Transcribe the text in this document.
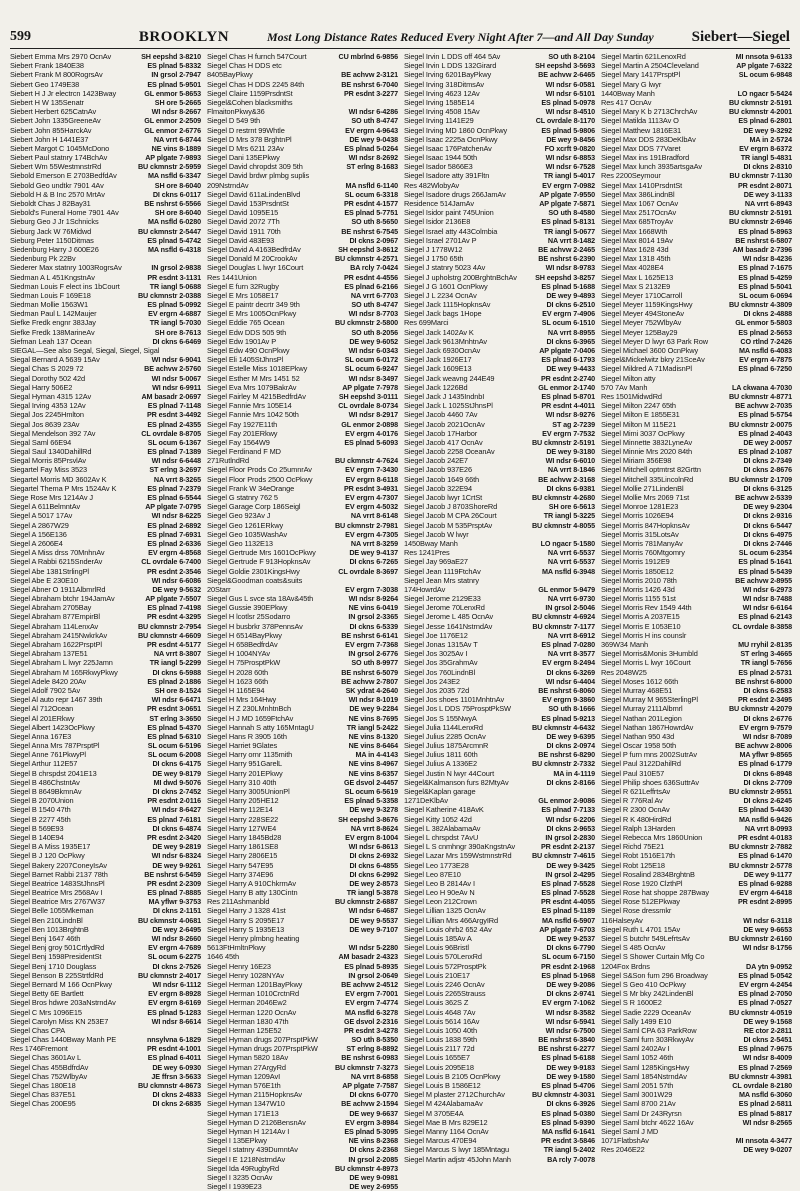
599	BROOKLYN	Most Long Distance Rates Reduced Every Night After 7—and All Day Sunday	Siebert—Siegel
Siebert Emma Mrs 2970 OcnAv	SH eepshd 3-8210
Siebert Frank 1840E38	ES plnad 5-8332
Siebert Frank M 800RogrsAv	IN grsol 2-7947
Siebert Geo 1749E38	ES plnad 5-9501
Siebert H J Jr electrcn 1423Bway	GL enmor 5-8653
Siebert H W 135Senatr	SH ore 5-2665
Siebert Herbert 625CatnAv	WI ndsr 8-2667
Siebert John 1335GreeneAv	GL enmor 2-2509
Siebert John 855HarckAv	GL enmor 2-6776
Siebert John H 1441E37	NA vrrt 6-8744
Siebert Margot C 1045McDono	NE vins 8-1889
Siebert Paul statnry 174BchAv	AP plgate 7-9893
Siebert Wm 55WestmnstrRd	BU ckmnstr 2-5959
Siebold Emerson E 2703BedfdAv	MA nsfld 6-3347
Siebold Geo undtkr 7901 4Av	SH ore 8-6040
Siebold H & B Inc 2570 MrtAv	DI ckns 6-0117
Sieboldt Chas J 82Bay31	BE nshrst 6-5566
Siebold's Funeral Home 7901 4Av	SH ore 8-6040
Sieburg Geo J Jr 1Schnicks	MA nsfld 6-0280
Sieburg Jack W 76Midwd	BU ckmnstr 2-5447
Sieburg Peter 1150Ditmas	ES plnad 5-4742
Siedenburg Harry J 600E26	MA nsfld 6-4318
Siedenburg Pk 22Bv
Siederer Max statnry 1003RogrsAv	IN grsol 2-9838
Siedman A L 451KngstnAv	PR esdnt 3-1131
Siedman Louis F elect ins 1bCourt	TR iangl 5-0688
Siedman Louis F 169E18	BU ckmnstr 2-0388
Siedman Mollie 1563W1	ES plnad 5-0992
Siedman Paul L 142Maujer	EV ergrn 4-6887
Siefke Fredk engnr 383Jay	TR iangl 5-7030
Siefke Fredk 138MarineAv	SH ore 8-7613
Siefman Leah 137 Ocean	DI ckns 6-6469
SIEGAL—See also Segal, Siegal, Siegel, Sigal
Siegal Bernard A 5639 15Av	WI ndsr 6-9041
Siegal Chas S 2029 72	BE achvw 2-5760
Siegal Dorothy 502 42d	WI ndsr 5-0067
Siegal Harry 506E2	WI ndsr 6-9911
Siegal Hyman 4315 12Av	AM basadr 2-0697
Siegal Irving 4353 12Av	ES plnad 7-1148
Siegal Jos 2245Hmlton	PR esdnt 3-4492
Siegal Jos 8639 23Av	ES plnad 2-4355
Siegal Mendelson 392 7Av	CL ovrdale 8-8705
Siegal Saml 66E94	SL ocum 6-1367
Siegal Saul 1340DahillRd	ES plnad 7-1389
Siegal Morris 85PrsvlAv	WI ndsr 6-6448
Siegartel Fay Miss 3523	ST erlng 3-2697
Siegartel Morris MD 3602Av K	NA vrrt 8-3265
Siegartel Thema P Mrs 1524Av K	ES plnad 7-2379
Siege Rose Mrs 1214Av J	ES plnad 6-5544
Siegel A 611BelmntAv	AP plgate 7-0795
Siegel A 5017 17Av	WI ndsr 8-6225
Siegel A 2867W29	ES plnad 2-6892
Siegel A 156E136	ES plnad 7-6931
Siegel A 2606E4	ES plnad 2-6336
Siegel A Miss drss 70MnhnAv	EV ergrn 4-8568
Siegel A Rabbi 6215SnderAv	CL ovrdale 6-7400
Siegel Abe 1381StrlingPl	PR esdnt 2-3546
Siegel Abe E 230E10	WI ndsr 6-6086
Siegel Abner O 1911AlbmrlRd	DE wey 9-5632
Siegel Abraham btchr 194JamAv	AP plgate 7-5507
Siegel Abraham 2705Bay	ES plnad 7-4198
Siegel Abraham 877EmpirBl	PR esdnt 4-3295
Siegel Abraham 114LenxAv	BU ckmnstr 2-7954
Siegel Abraham 2415NwkrkAv	BU ckmnstr 4-6609
Siegel Abraham 1622PrsptPl	PR esdnt 4-5177
Siegel Abraham 137E51	NA vrrt 8-3807
Siegel Abraham L lwyr 225Jamn	TR iangl 5-2299
Siegel Abraham M 165RkwyPkwy	DI ckns 6-5988
Siegel Adele 8420 20Av	ES plnad 2-1886
Siegel Adolf 7902 5Av	SH ore 8-1524
Siegel Al auto repr 1467 39th	WI ndsr 6-6471
Siegel Al 712Ocean	PR esdnt 3-0651
Siegel Al 201ERkwy	ST erlng 3-3650
Siegel Albert 1423OcPkwy	ES plnad 5-4370
Siegel Anna 167E3	ES plnad 5-6310
Siegel Anna Mrs 787PrsptPl	SL ocum 6-5196
Siegel Anne 761PkwyPl	SL ocum 6-2008
Siegel Arthur 112E57	DI ckns 6-4175
Siegel B chrspdst 2041E13	DE wey 9-8179
Siegel B 486ChstntAv	MI dwd 9-5076
Siegel B 8649BkmnAv	DI ckns 2-7452
Siegel B 2070Union	PR esdnt 2-0116
Siegel B 1540 47th	WI ndsr 8-6427
Siegel B 2277 45th	ES plnad 7-6181
Siegel B 569E93	DI ckns 6-4874
Siegel B 140E94	PR esdnt 2-3420
Siegel B A Miss 1935E17	DE wey 9-2819
Siegel B J 120 OcPkwy	WI ndsr 6-8324
Siegel Bakery 2207ConeyIsAv	DE wey 9-9261
Siegel Barnet Rabbi 2137 78th	BE nshrst 6-5459
Siegel Beatrice 1483StJhnsPl	PR esdnt 2-2309
Siegel Beatrice Mrs 2568Av I	ES plnad 7-8885
Siegel Beatrice Mrs 2767W37	MA yflwr 9-3753
Siegel Belle 1055Mkeman	DI ckns 2-1151
Siegel Ben 210LindnBl	BU ckmnstr 4-0681
Siegel Ben 1013BrghtnB	DE wey 2-6495
Siegel Benj 1647 46th	WI ndsr 8-2660
Siegel Benj groy 501CrtlydRd	EV ergrn 4-7689
Siegel Benj 1598PresidentSt	SL ocum 6-2275
Siegel Benj 1710 Douglass	DI ckns 2-7526
Siegel Benson B 225StrtfdRd	BU ckmnstr 2-4017
Siegel Bernard M 166 OcnPkwy	WI ndsr 6-1112
Siegel Betty 6E Bartlett	EV ergrn 8-8928
Siegel Bros hdwre 203aNstrndAv	EV ergrn 8-6169
Siegel C Mrs 1096E15	ES plnad 5-1283
Siegel Carolyn Miss KN 253E7	WI ndsr 8-6614
Siegel Chas CPA
Siegel Chas 1440Bway Manh PE	nnsylvna 6-1829
Res 1746Fremont	PR esdnt 4-1001
Siegel Chas 3601Av L	ES plnad 6-4011
Siegel Chas 455BdfrdAv	DE wey 6-0930
Siegel Chas 752WlbyAv	JE ffrsn 3-5633
Siegel Chas 180E18	BU ckmnstr 4-8673
Siegel Chas 837E51	DI ckns 2-4833
Siegel Chas 200E95	DI ckns 2-6835
Siegel Chas H furnch 547Court	CU mbrlnd 6-9856
Siegel Chas H DDS etc
8405BayPkwy	BE achvw 2-3121
Siegel Chas H DDS 2245 84th	BE nshrst 6-7040
Siegel Claire 1159PrsdntSt	PR esdnt 3-2277
Siegel&Cohen blacksmiths
FlmaitonPkwy&36	WI ndsr 6-4286
Siegel D 549 9th	SO uth 8-4747
Siegel D restrnt 99Whtle	EV ergrn 4-9643
Siegel D Mrs 378 BrghtnPl	DE wey 9-0438
Siegel D Mrs 6211 23Av	ES plnad 5-0264
Siegel Dani 135EPkwy	WI ndsr 8-2692
Siegel David chropdst 309 5th	ST erlng 8-1683
Siegel David brdwr plmbg suplis
209NstrndAv	MA nsfld 6-1140
Siegel David 611aLindenBlvd	SL ocum 6-3318
Siegel David 153PrsdntSt	PR esdnt 4-1577
Siegel David 1095E15	ES plnad 5-7751
Siegel David 2072 7Th	SO uth 8-5650
Siegel David 1911 70th	BE nshrst 6-7545
Siegel David 483E93	DI ckns 2-0967
Siegel David A 4163BedfrdAv	SH eepshd 3-8612
Siegel Donald M 20CrookAv	BU ckmnstr 4-2571
Siegel Douglas L lwyr 16Court	BA rcly 7-0424
Res 1441Union	PR esdnt 4-4556
Siegel E furn 32Rugby	ES plnad 6-2166
Siegel E Mrs 1058E17	NA vrrt 6-7703
Siegel E paintr decrtr 349 9th	SO uth 8-4747
Siegel E Mrs 1005OcnPkwy	WI ndsr 8-7703
Siegel Eddie 765 Ocean	BU ckmnstr 2-5800
Siegel Edw DDS 505 9th	SO uth 8-2056
Siegel Edw 1901Av P	DE wey 9-6052
Siegel Edw 490 OcnPkwy	WI ndsr 6-0343
Siegel Eli 1405StJhnsPl	SL ocum 6-0172
Siegel Estelle Miss 1018EPkwy	SL ocum 6-9247
Siegel Esther M Mrs 1451 52	WI ndsr 8-3497
Siegel Eva Mrs 1079BakrAv	AP plgate 7-7978
Siegel Fairley M 4215BedfrdAv	SH eepshd 3-0111
Siegel Fannie Mrs 105E14	CL ovrdale 8-0734
Siegel Fannie Mrs 1042 50th	WI ndsr 8-2917
Siegel Fay 1927E11th	GL enmor 2-0898
Siegel Fay 201ERkwy	EV ergrn 4-0176
Siegel Fay 1564W9	ES plnad 5-6093
Siegel Ferdinand F MD
271RutlndRd	BU ckmnstr 4-7624
Siegel Floor Prods Co 25umnrAv	EV ergrn 7-3430
Siegel Floor Prods 2500 OcPkwy	EV ergrn 8-6118
Siegel Frank W 34eOrange	PR esdnt 3-4931
Siegel G statnry 762 5	EV ergrn 4-7307
Siegel Garage Corp 186Seigl	EV ergrn 4-5032
Siegel Geo 923Av J	NA vrrt 8-6148
Siegel Geo 1261ERkwy	BU ckmnstr 2-7981
Siegel Geo 1035WashAv	EV ergrn 4-7305
Siegel Geo 1132E13	NA vrrt 8-3259
Siegel Gertrude Mrs 1601OcPkwy	DE wey 9-4137
Siegel Gertrude F 913HopknsAv	DI ckns 6-7265
Siegel Goldie 2301KingsHwy	CL ovrdale 8-3697
Siegel&Goodman coats&suits
20Starr	EV ergrn 7-3038
Siegel Gus L svce sta 18Av&45th	WI ndsr 8-9264
Siegel Gussie 390EPkwy	NE vins 6-0419
Siegel H lcotlsr 25Sodarro	IN grsol 2-3365
Siegel H busbrkr 378PennsAv	DI ckns 6-5339
Siegel H 6514BayPkwy	BE nshrst 6-6141
Siegel H 658BedfrdAv	EV ergrn 7-7368
Siegel H 1004NYAv	IN grsol 2-6776
Siegel H 75ProsptPkW	SO uth 8-9977
Siegel H 2028 60th	BE nshrst 6-5079
Siegel H 1623 66th	BE achvw 2-7807
Siegel H 1165E94	SK ydrat 4-2640
Siegel H Mrs 164Hwy	WI ndsr 8-1019
Siegel H Z 230LMnhtnBch	DE wey 9-2284
Siegel H J MD 1659FtchAv	NE vins 8-7695
Siegel Hannah S atty 165MntagU	TR iangl 5-2422
Siegel Hans R 3905 16th	NE vins 8-1320
Siegel Harriet 9Glates	NE vins 8-6464
Siegel Harry ornr 1135mith	MA in 4-4143
Siegel Harry 951GarelL	NE vins 8-4967
Siegel Harry 201EPkwy	NE vins 8-6357
Siegel Harry 310 40th	GE dsvol 2-4457
Siegel Harry 3005UnionPl	SL ocum 6-5619
Siegel Harry 205HE12	ES plnad 5-3358
Siegel Harry 112E14	DE wey 9-3278
Siegel Harry 228SE22	SH eepshd 3-8676
Siegel Harry 127WE4	NA vrrt 8-8624
Siegel Harry 1845Bd28	EV ergrn 8-1004
Siegel Harry 1861SE8	WI ndsr 6-8613
Siegel Harry 2806E15	DI ckns 2-6932
Siegel Harry 547E95	DI ckns 6-4855
Siegel Harry 374E96	DI ckns 6-2992
Siegel Harry A 910ChkrmAv	DE wey 2-8573
Siegel Harry B atty 130Cintn	TR iangl 5-3878
Res 211Ashmanbld	BU ckmnstr 2-6887
Siegel Harry J 1328 41st	WI ndsr 6-4687
Siegel Harry S 2095E17	DE wey 9-5537
Siegel Harry S 1935E13	DE wey 9-7107
Siegel Henry plmbng heating
5613FtHmltnPkwy	WI ndsr 5-2280
1646 45th	AM basadr 2-4323
Siegel Henry 16E23	ES plnad 5-8935
Siegel Henry 1028NYAv	IN grsol 2-0649
Siegel Herman 1201BayPkwy	BE achvw 2-4512
Siegel Herman 1010CrctnRd	EV ergrn 7-7001
Siegel Herman 2046Ew2	EV ergrn 7-4774
Siegel Herman 1220 OcnAv	MA nsfld 6-3278
Siegel Herman 1830 47th	GE dsvol 2-2316
Siegel Herman 125E52	PR esdnt 3-4278
Siegel Hyman drugs 207PrsptPkW	SO uth 8-5350
Siegel Hyman drugs 207PrsptPkW	ST erlng 8-8892
Siegel Hyman 5820 18Av	BE nshrst 6-0983
Siegel Hyman 27ArgyRd	BU ckmnstr 7-3273
Siegel Hyman 1209AvI	NA vrrt 8-6858
Siegel Hyman 576E1th	AP plgate 7-7587
Siegel Hyman 2115HopknsAv	DI ckns 6-0770
Siegel Hyman 1347W10	BE achvw 2-1594
Siegel Hyman 171E13	DE wey 9-6637
Siegel Hyman D 2126BensnAv	EV ergrn 3-8984
Siegel Hyman H 1214Av I	ES plnad 5-3095
Siegel I 135EPkwy	NE vins 8-2368
Siegel I statnry 439DumntAv	DI ckns 2-2368
Siegel I E 1218NstrndAv	IN grsol 2-2085
Siegel Ida 49RugbyRd	BU ckmnstr 4-8973
Siegel I 3235 OcnAv	DE wey 9-0981
Siegel I 1939E23	DE wey 2-6955
Siegel Irvin L DDS off 464 5Av	SO uth 8-2104
Siegel Irvin L DDS 132Girard	SH eepshd 3-5693
Siegel Irving 6201BayPkwy	BE achvw 2-6465
Siegel Irving 318DitmsAv	WI ndsr 6-0581
Siegel Irving 4623 12Av	WI ndsr 6-5101
Siegel Irving 1585E14	ES plnad 5-0978
Siegel Irving 4508 15Av	WI ndsr 8-4510
Siegel Irving 1141E29	CL ovrdale 8-1170
Siegel Irving MD 1860 OcnPkwy	ES plnad 5-9806
Siegel Isaac 2225a OcnPkwy	DE wey 9-8456
Siegel Isaac 176PatchenAv	FO xcrft 9-0820
Siegel Isaac 1944 50th	WI ndsr 6-8853
Siegel Isador 5866E3	WI ndsr 6-7528
Siegel Isadore atty 391Fltn	TR iangl 5-4017
Res 482WlobyAv	EV ergrn 7-0982
Siegel Isadore drugs 266JamAv	AP plgate 7-9550
Residence 514JamAv	AP plgate 7-5871
Siegel Isidor paint 745Union	SO uth 8-4580
Siegel Isidor 2136E8	ES plnad 5-8131
Siegel Israel atty 443Colmbia	TR iangl 5-0677
Siegel Israel 2701Av P	NA vrrt 8-1482
Siegel J 1778W12	BE achvw 2-2465
Siegel J 1750 65th	BE nshrst 6-2390
Siegel J statnry 5023 4Av	WI ndsr 8-9783
Siegel J upholstrg 200BrghtnBchAv	SH eepshd 3-8257
Siegel J G 1601 OcnPkwy	ES plnad 5-1688
Siegel J L 2234 OcnAv	DE wey 9-4893
Siegel Jack 1115HopknsAv	DI ckns 6-2510
Siegel Jack bags 1Hope	EV ergrn 7-4906
Res 699Marci	SL ocum 6-1510
Siegel Jack 1402Av K	NA vrrt 8-8955
Siegel Jack 9613MnhtnAv	DI ckns 6-3965
Siegel Jack 6930OcnAv	AP plgate 7-0406
Siegel Jack 1926E17	ES plnad 6-1793
Siegel Jack 1609E13	DE wey 9-4433
Siegel Jack weavng 244E49	PR esdnt 2-2740
Siegel Jack 1226Bd	GL enmor 2-1740
Siegel Jack J 1435IndnbI	ES plnad 5-8701
Siegel Jack L 1025StJhnsPl	PR esdnt 4-4011
Siegel Jacob 4460 7Av	WI ndsr 8-9276
Siegel Jacob 2021OcnAv	ST ag 2-7239
Siegel Jacob 17Harbor	EV ergrn 7-7532
Siegel Jacob 417 OcnAv	BU ckmnstr 2-5191
Siegel Jacob 2258 OceanAv	DE wey 9-3180
Siegel Jacob 242E7	WI ndsr 6-6010
Siegel Jacob 937E26	NA vrrt 8-1846
Siegel Jacob 1649 66th	BE achvw 2-3168
Siegel Jacob 322E94	DI ckns 6-9381
Siegel Jacob lwyr 1CrtSt	BU ckmnstr 4-2680
Siegel Jacob J 8703ShoreRd	SH ore 6-5613
Siegel Jacob M CPA 26Court	TR iangl 5-3225
Siegel Jacob M 535PrsptAv	BU ckmnstr 4-8055
Siegel Jacob W lwyr
1450Bway Manh	LO ngacr 5-1580
Res 1241Pres	NA vrrt 6-5537
Siegel Jay 969aE27	NA vrrt 6-5537
Siegel Jean 1119FtchAv	MA nsfld 6-3948
Siegel Jean Mrs statnry
174HowrdAv	GL enmor 5-9479
Siegel Jerome 2129E33	NA vrrt 6-9730
Siegel Jerome 70LenxRd	IN grsol 2-5046
Siegel Jerome L 485 OcnAv	BU ckmnstr 4-6924
Siegel Jesse 1641NstrndAv	BU ckmnstr 7-1177
Siegel Joe 1176E12	NA vrrt 8-6912
Siegel Jonas 1315Av T	ES plnad 7-0280
Siegel Jos 3025Av I	NA vrrt 8-3577
Siegel Jos 35GrahmAv	EV ergrn 8-2494
Siegel Jos 760LindnBl	DI ckns 6-3269
Siegel Jos 243E2	WI ndsr 6-4404
Siegel Jos 2035 72d	BE nshrst 6-8060
Siegel Jos shoes 1101MnhtnAv	EV ergrn 9-3860
Siegel Jos L DDS 75ProsptPkSW	SO uth 8-1666
Siegel Jos S 155NwyA	ES plnad 5-9213
Siegel Julia 1144LenxRd	BU ckmnstr 4-6432
Siegel Julius 2285 OcnAv	DE wey 9-6395
Siegel Julius 1875ArcmnR	DI ckns 2-0974
Siegel Julius 1811 60th	BE nshrst 6-8290
Siegel Julius A 1336E2	BU ckmnstr 2-7332
Siegel Justin N lwyr 44Court	MA in 4-1119
Siegel&Kalmanson furs 82MtyAv	DI ckns 2-8166
Siegel&Kaplan garage
1271DeKlbAv	GL enmor 2-9086
Siegel Katherine 418AvK	ES plnad 7-7133
Siegel Kitty 1052 42d	WI ndsr 6-2206
Siegel L 382AlabamaAv	DI ckns 2-9653
Siegel L chrspdst 7AvU	IN grsol 2-2830
Siegel L S cnmhngr 390aKngstnAv	PR esdnt 2-2137
Siegel Lazar Mrs 159WstmnstrRd	BU ckmnstr 7-4615
Siegel Leo 1773E28	DE wey 9-3425
Siegel Leo 87E10	IN grsol 2-4295
Siegel Leo B 2814Av I	ES plnad 7-5528
Siegel Leo H 90eAv N	ES plnad 7-5528
Siegel Leon 212Crown	PR esdnt 4-4055
Siegel Lillian 1325 OcnAv	ES plnad 5-1189
Siegel Lillian Mrs 466ArgyIRd	MA nsfld 6-5907
Siegel Louis ohrb2 652 4Av	AP plgate 7-6703
Siegel Louis 185Av A	DE wey 9-2537
Siegel Louis 96Bristl	DI ckns 6-7790
Siegel Louis 570LenxRd	SL ocum 6-7150
Siegel Louis 572ProsptPk	PR esdnt 2-1968
Siegel Louis 210E17	ES plnad 5-1968
Siegel Louis 2246 OcnAv	DE wey 9-2086
Siegel Louis 2265Strauss	DI ckns 2-9741
Siegel Louis 362S Z	EV ergrn 7-1062
Siegel Louis 4648 7Av	WI ndsr 8-3582
Siegel Louis 5614 16Av	WI ndsr 6-5941
Siegel Louis 1050 40th	WI ndsr 6-7500
Siegel Louis 1838 59th	BE nshrst 6-3840
Siegel Louis 2117 72d	BE nshrst 6-2277
Siegel Louis 1655E7	ES plnad 5-6188
Siegel Louis 2095E18	DE wey 9-9183
Siegel Louis B 2105 OcnPkwy	DE wey 9-1580
Siegel Louis B 1586E12	ES plnad 5-4706
Siegel M plaster 2712ChurchAv	BU ckmnstr 4-3031
Siegel M 424AlabamaAv	DI ckns 6-3926
Siegel M 3705E4A	ES plnad 5-0380
Siegel Mae B Mrs 829E12	ES plnad 5-9390
Siegel Manny 1164 OcnAv	MA nsfld 6-1641
Siegel Marcus 470E94	PR esdnt 3-5846
Siegel Marcus S lwyr 185Mntagu	TR iangl 5-2402
Siegel Martin adjstr 45John Manh	BA rcly 7-0078
Siegel Martin 621LenoxRd	MI nnsota 9-6133
Siegel Martin A 2504Cleveland	AP plgate 7-6322
Siegel Mary 1417PrsptPl	SL ocum 6-9848
Siegel Mary G lwyr
1440Bway Manh	LO ngacr 5-5424
Res 417 OcnAv	BU ckmnstr 2-5191
Siegel Mary K b 2713ChrchAv	BU ckmnstr 4-2001
Siegel Matilda 1113Av O	ES plnad 6-2801
Siegel Matthew 1816E31	DE wey 9-3292
Siegel Max DDS 283DeKlbAv	MA in 2-5724
Siegel Max DDS 77Varet	EV ergrn 8-6372
Siegel Max ins 191Bradford	TR iangl 5-4831
Siegel Max lunch 3935artsgaAv	DI ckns 2-8310
Res 2200Seymour	BU ckmnstr 7-1130
Siegel Max 1410PrsdntSt	PR esdnt 2-8071
Siegel Max 386LindnBl	DE wey 3-1133
Siegel Max 1067 OcnAv	NA vrrt 6-8943
Siegel Max 2517OcnAv	BU ckmnstr 2-5191
Siegel Max 685TroyAv	BU ckmnstr 2-6946
Siegel Max 1668Wth	ES plnad 5-8963
Siegel Max 8014 19Av	BE nshrst 6-5807
Siegel Max 1628 43d	AM basadr 2-7396
Siegel Max 1318 45th	WI ndsr 8-4236
Siegel Max 4028E4	ES plnad 7-1675
Siegel Max L 1625E13	ES plnad 5-4259
Siegel Max S 2132E9	ES plnad 5-5041
Siegel Meyer 1710Carroll	SL ocum 6-0694
Siegel Meyer 1159KingsHwy	BU ckmnstr 4-3809
Siegel Meyer 494StoneAv	DI ckns 2-4888
Siegel Meyer 752WlbyAv	GL enmor 5-5803
Siegel Meyer 125Bay29	ES plnad 2-5653
Siegel Meyer D lwyr 63 Park Row	CO rtlnd 7-2426
Siegel Michael 3600 OcnPkwy	MA nsfld 6-4083
Siegel&Mickelwitz bkry 21SceAv	EV ergrn 4-7875
Siegel Mildred A 71MadisnPl	ES plnad 6-7250
Siegel Milton atty
570 7Av Manh	LA ckwana 4-7030
Res 1501MidwdRd	BU ckmnstr 4-8771
Siegel Milton 2247 65th	BE achvw 2-7035
Siegel Milton E 1855E31	ES plnad 5-5754
Siegel Milton M 115E21	BU ckmnstr 2-0075
Siegel Mimi 3037 OcPkwy	ES plnad 2-4043
Siegel Minnette 3832LyneAv	DE wey 2-0057
Siegel Minnie Mrs 2020 84th	ES plnad 2-1087
Siegel Miriam 356E98	DI ckns 2-7349
Siegel Mitchell optmtrst 82Grttn	DI ckns 2-8676
Siegel Mitchell 335LincolnRd	BU ckmnstr 2-1709
Siegel Mollie 271LindenBl	DI ckns 6-3125
Siegel Mollie Mrs 2069 71st	BE achvw 2-5339
Siegel Monroe 1281E23	DE wey 9-2304
Siegel Morris 1026E94	DI ckns 2-9316
Siegel Morris 847HopknsAv	DI ckns 6-5447
Siegel Morris 315LotsAv	DI ckns 6-4975
Siegel Morris 781ManyAv	DI ckns 2-7446
Siegel Morris 760Mtgomry	SL ocum 6-2354
Siegel Morris 1912E9	ES plnad 5-1641
Siegel Morris 1850E12	ES plnad 5-5439
Siegel Morris 2010 78th	BE achvw 2-8955
Siegel Morris 1426 43d	WI ndsr 6-2973
Siegel Morris 1155 51st	WI ndsr 8-7488
Siegel Morris Rev 1549 44th	WI ndsr 6-6164
Siegel Morris A 2037E15	ES plnad 6-2143
Siegel Morris E 1053E10	CL ovrdale 8-3858
Siegel Morris H ins counslr
369W34 Manh	MU rryhil 2-8135
Siegel Morris&Monis 3Humbld	ST erlng 3-4665
Siegel Morris L lwyr 16Court	TR iangl 5-7656
Res 2048W25	ES plnad 2-5731
Siegel Moses 1612 66th	BE nshrst 6-8000
Siegel Murray 468E51	DI ckns 6-2583
Siegel Murray M 965SterlingPl	PR esdnt 2-3495
Siegel Murray 2111Albmrl	BU ckmnstr 4-2079
Siegel Nathan 201Legion	DI ckns 2-6776
Siegel Nathan 1867HowrdAv	EV ergrn 9-7579
Siegel Nathan 950 43d	WI ndsr 8-7089
Siegel Oscar 1958 50th	BE achvw 2-8006
Siegel P furn mns 2002SutrAv	MA yflwr 9-8565
Siegel Paul 3122DahilRd	ES plnad 6-1779
Siegel Paul 310E57	DI ckns 6-8948
Siegel Philip shoes 636SuttrAv	DI ckns 2-7709
Siegel R 621LeffrtsAv	BU ckmnstr 2-9551
Siegel R 776Ral Av	DI ckns 2-6245
Siegel R 2300 OcnAv	ES plnad 5-4430
Siegel R K 480HirdRd	MA nsfld 6-9426
Siegel Ralph 13Harden	NA vrrt 8-0993
Siegel Rebecca Mrs 1860Union	PR esdnt 4-0183
Siegel Richd 75E21	BU ckmnstr 2-7882
Siegel Robt 1516E17th	ES plnad 6-1470
Siegel Robt 125E18	BU ckmnstr 2-5778
Siegel Rosalind 2834BrghtnB	DE wey 9-1177
Siegel Rose 1920 ClzthPl	ES plnad 6-9288
Siegel Rose hat shoppe 287Bway	EV ergrn 4-6418
Siegel Rose 512EPkway	PR esdnt 2-8995
Siegel Rose dressmkr
116HalseyAv	WI ndsr 6-3118
Siegel Ruth L 4701 15Av	DE wey 9-6653
Siegel S butchr 549LefrtsAv	BU ckmnstr 2-6160
Siegel S 485 OcnAv	WI ndsr 8-1756
Siegel S Shower Curtain Mfg Co
1204Fox Brdns	DA ytn 9-0952
Siegel S&Son furn 296 Broadway	ES plnad 5-0542
Siegel S Geo 410 OcPkwy	EV ergrn 4-2454
Siegel S Mr bky 242LindenBl	ES plnad 2-7050
Siegel S R 1600E2	ES plnad 7-0527
Siegel Sadie 2229 OceanAv	BU ckmnstr 4-0519
Siegel Sally 1499 E10	DE wey 9-1568
Siegel Saml CPA 63 ParkRow	RE ctor 2-2811
Siegel Saml furn 303RkwyAv	DI ckns 2-5451
Siegel Saml 2402Av I	ES plnad 7-9675
Siegel Saml 1052 46th	WI ndsr 8-4009
Siegel Saml 1285KingsHwy	ES plnad 7-2569
Siegel Saml 1854NstrndAv	BU ckmnstr 4-3981
Siegel Saml 2051 57th	CL ovrdale 8-2180
Siegel Saml 3001W29	MA nsfld 6-3060
Siegel Saml 8700 21Av	ES plnad 2-5811
Siegel Saml Dr 243Ryrsn	ES plnad 5-8817
Siegel Saml btchr 4622 16Av	WI ndsr 8-2565
Siegel Saml J MD
1071FlatbshAv	MI nnsota 4-3477
Res 2046E22	DE wey 9-0207
